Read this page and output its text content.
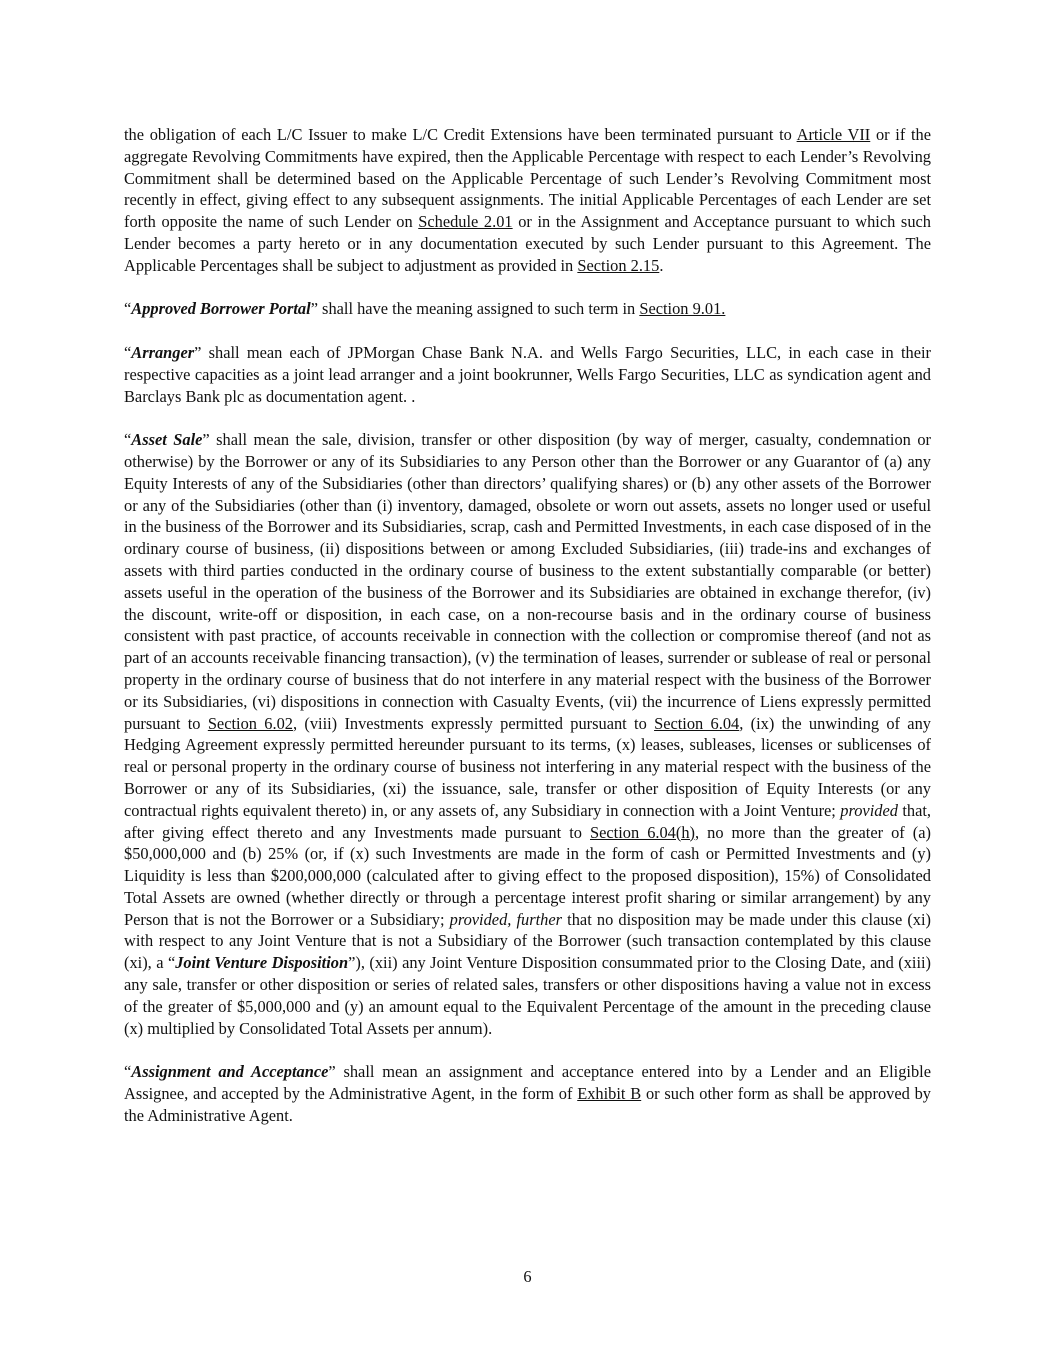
the obligation of each L/C Issuer to make L/C Credit Extensions have been terminated pursuant to Article VII or if the aggregate Revolving Commitments have expired, then the Applicable Percentage with respect to each Lender’s Revolving Commitment shall be determined based on the Applicable Percentage of such Lender’s Revolving Commitment most recently in effect, giving effect to any subsequent assignments. The initial Applicable Percentages of each Lender are set forth opposite the name of such Lender on Schedule 2.01 or in the Assignment and Acceptance pursuant to which such Lender becomes a party hereto or in any documentation executed by such Lender pursuant to this Agreement. The Applicable Percentages shall be subject to adjustment as provided in Section 2.15.

“Approved Borrower Portal” shall have the meaning assigned to such term in Section 9.01.

“Arranger” shall mean each of JPMorgan Chase Bank N.A. and Wells Fargo Securities, LLC, in each case in their respective capacities as a joint lead arranger and a joint bookrunner, Wells Fargo Securities, LLC as syndication agent and Barclays Bank plc as documentation agent. .

“Asset Sale” shall mean the sale, division, transfer or other disposition (by way of merger, casualty, condemnation or otherwise) by the Borrower or any of its Subsidiaries to any Person other than the Borrower or any Guarantor of (a) any Equity Interests of any of the Subsidiaries (other than directors’ qualifying shares) or (b) any other assets of the Borrower or any of the Subsidiaries (other than (i) inventory, damaged, obsolete or worn out assets, assets no longer used or useful in the business of the Borrower and its Subsidiaries, scrap, cash and Permitted Investments, in each case disposed of in the ordinary course of business, (ii) dispositions between or among Excluded Subsidiaries, (iii) trade-ins and exchanges of assets with third parties conducted in the ordinary course of business to the extent substantially comparable (or better) assets useful in the operation of the business of the Borrower and its Subsidiaries are obtained in exchange therefor, (iv) the discount, write-off or disposition, in each case, on a non-recourse basis and in the ordinary course of business consistent with past practice, of accounts receivable in connection with the collection or compromise thereof (and not as part of an accounts receivable financing transaction), (v) the termination of leases, surrender or sublease of real or personal property in the ordinary course of business that do not interfere in any material respect with the business of the Borrower or its Subsidiaries, (vi) dispositions in connection with Casualty Events, (vii) the incurrence of Liens expressly permitted pursuant to Section 6.02, (viii) Investments expressly permitted pursuant to Section 6.04, (ix) the unwinding of any Hedging Agreement expressly permitted hereunder pursuant to its terms, (x) leases, subleases, licenses or sublicenses of real or personal property in the ordinary course of business not interfering in any material respect with the business of the Borrower or any of its Subsidiaries, (xi) the issuance, sale, transfer or other disposition of Equity Interests (or any contractual rights equivalent thereto) in, or any assets of, any Subsidiary in connection with a Joint Venture; provided that, after giving effect thereto and any Investments made pursuant to Section 6.04(h), no more than the greater of (a) $50,000,000 and (b) 25% (or, if (x) such Investments are made in the form of cash or Permitted Investments and (y) Liquidity is less than $200,000,000 (calculated after to giving effect to the proposed disposition), 15%) of Consolidated Total Assets are owned (whether directly or through a percentage interest profit sharing or similar arrangement) by any Person that is not the Borrower or a Subsidiary; provided, further that no disposition may be made under this clause (xi) with respect to any Joint Venture that is not a Subsidiary of the Borrower (such transaction contemplated by this clause (xi), a “Joint Venture Disposition”), (xii) any Joint Venture Disposition consummated prior to the Closing Date, and (xiii) any sale, transfer or other disposition or series of related sales, transfers or other dispositions having a value not in excess of the greater of $5,000,000 and (y) an amount equal to the Equivalent Percentage of the amount in the preceding clause (x) multiplied by Consolidated Total Assets per annum).

“Assignment and Acceptance” shall mean an assignment and acceptance entered into by a Lender and an Eligible Assignee, and accepted by the Administrative Agent, in the form of Exhibit B or such other form as shall be approved by the Administrative Agent.

6
